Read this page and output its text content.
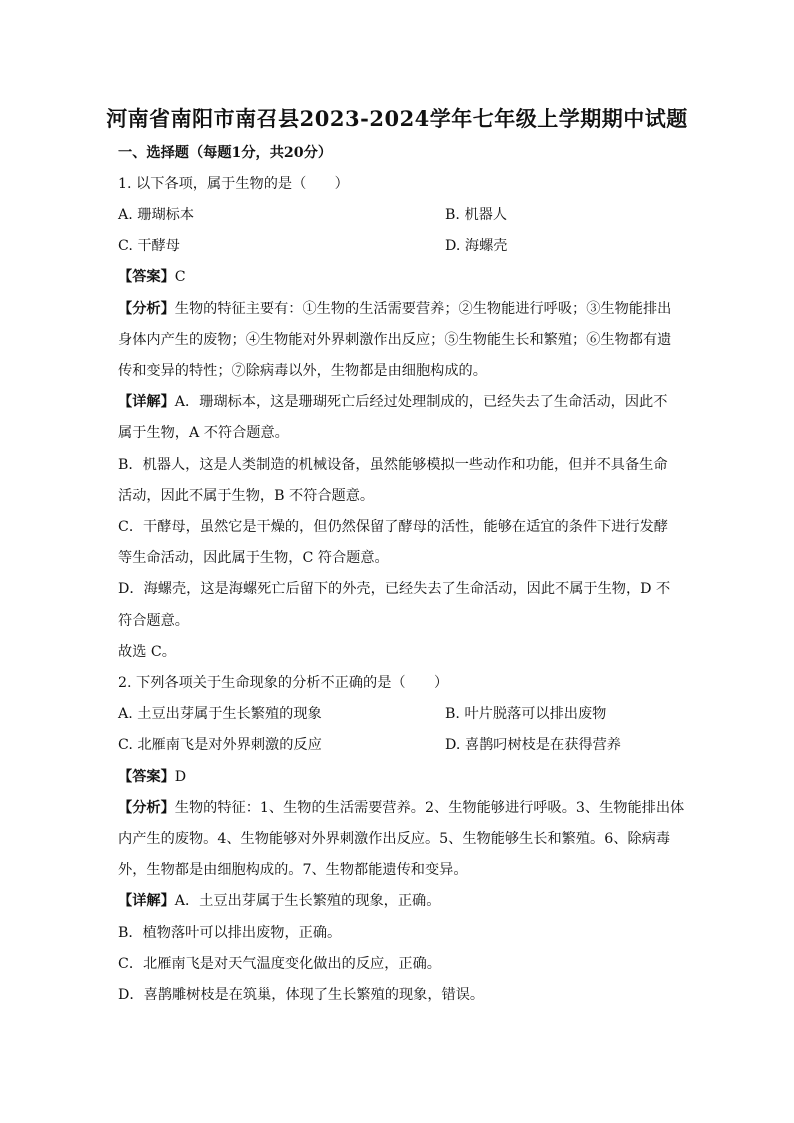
河南省南阳市南召县2023-2024学年七年级上学期期中试题
一、选择题（每题1分，共20分）
1. 以下各项，属于生物的是（　　）
A. 珊瑚标本	B. 机器人
C. 干酵母	D. 海螺壳
【答案】C
【分析】生物的特征主要有：①生物的生活需要营养；②生物能进行呼吸；③生物能排出
身体内产生的废物；④生物能对外界刺激作出反应；⑤生物能生长和繁殖；⑥生物都有遗
传和变异的特性；⑦除病毒以外，生物都是由细胞构成的。
【详解】A．珊瑚标本，这是珊瑚死亡后经过处理制成的，已经失去了生命活动，因此不
属于生物，A 不符合题意。
B．机器人，这是人类制造的机械设备，虽然能够模拟一些动作和功能，但并不具备生命
活动，因此不属于生物，B 不符合题意。
C．干酵母，虽然它是干燥的，但仍然保留了酵母的活性，能够在适宜的条件下进行发酵
等生命活动，因此属于生物，C 符合题意。
D．海螺壳，这是海螺死亡后留下的外壳，已经失去了生命活动，因此不属于生物，D 不
符合题意。
故选 C。
2. 下列各项关于生命现象的分析不正确的是（　　）
A. 土豆出芽属于生长繁殖的现象	B. 叶片脱落可以排出废物
C. 北雁南飞是对外界刺激的反应	D. 喜鹊叼树枝是在获得营养
【答案】D
【分析】生物的特征：1、生物的生活需要营养。2、生物能够进行呼吸。3、生物能排出体
内产生的废物。4、生物能够对外界刺激作出反应。5、生物能够生长和繁殖。6、除病毒
外，生物都是由细胞构成的。7、生物都能遗传和变异。
【详解】A．土豆出芽属于生长繁殖的现象，正确。
B．植物落叶可以排出废物，正确。
C．北雁南飞是对天气温度变化做出的反应，正确。
D．喜鹊雕树枝是在筑巢，体现了生长繁殖的现象，错误。
